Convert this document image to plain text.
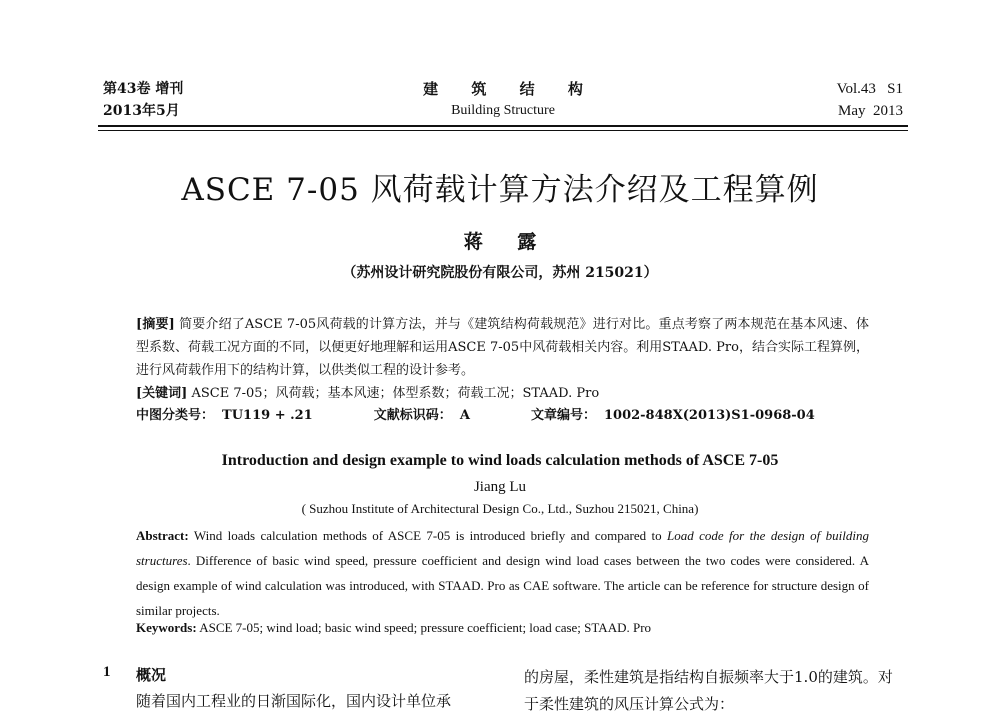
第43卷 增刊
2013年5月
建 筑 结 构
Building Structure
Vol.43   S1
May  2013
ASCE 7-05 风荷载计算方法介绍及工程算例
蒋 露
（苏州设计研究院股份有限公司，苏州 215021）
[摘要] 简要介绍了ASCE 7-05风荷载的计算方法，并与《建筑结构荷载规范》进行对比。重点考察了两本规范在基本风速、体型系数、荷载工况方面的不同，以便更好地理解和运用ASCE 7-05中风荷载相关内容。利用STAAD. Pro，结合实际工程算例，进行风荷载作用下的结构计算，以供类似工程的设计参考。
[关键词] ASCE 7-05；风荷载；基本风速；体型系数；荷载工况；STAAD. Pro
中图分类号： TU119 + .21	文献标识码： A	文章编号： 1002-848X(2013)S1-0968-04
Introduction and design example to wind loads calculation methods of ASCE 7-05
Jiang Lu
( Suzhou Institute of Architectural Design Co., Ltd., Suzhou 215021, China)
Abstract: Wind loads calculation methods of ASCE 7-05 is introduced briefly and compared to Load code for the design of building structures. Difference of basic wind speed, pressure coefficient and design wind load cases between the two codes were considered. A design example of wind calculation was introduced, with STAAD. Pro as CAE software. The article can be reference for structure design of similar projects.
Keywords: ASCE 7-05; wind load; basic wind speed; pressure coefficient; load case; STAAD. Pro
1 概况
随着国内工程业的日渐国际化，国内设计单位承
的房屋，柔性建筑是指结构自振频率大于1.0的建筑。对于柔性建筑的风压计算公式为：
